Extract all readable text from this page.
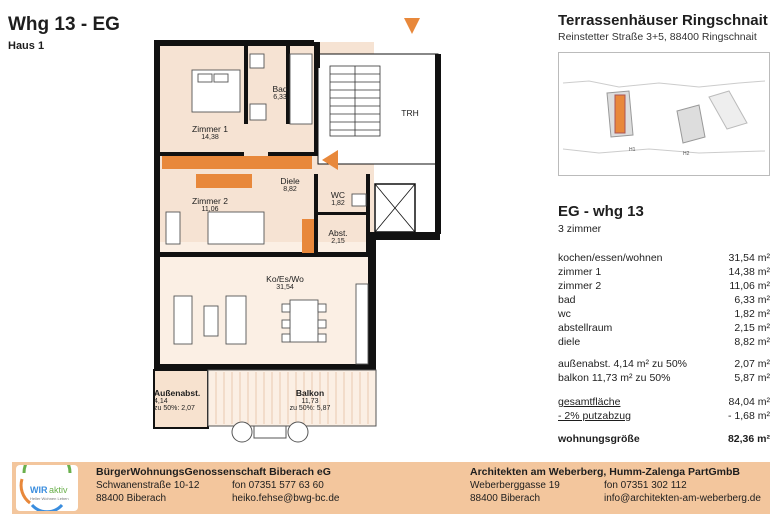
Whg 13 - EG
Haus 1
Zimmer 1
14,38
Bad
6,33
TRH
Diele
8,82
WC
1,82
Zimmer 2
11,06
Abst.
2,15
Ko/Es/Wo
31,54
Außenabst.
4,14
zu 50%: 2,07
Balkon
11,73
zu 50%: 5,87
Terrassenhäuser Ringschnait
Reinstetter Straße 3+5, 88400 Ringschnait
H1
H2
EG - whg 13
3 zimmer
kochen/essen/wohnen	31,54 m²
zimmer 1	14,38 m²
zimmer 2	11,06 m²
bad	6,33 m²
wc	1,82 m²
abstellraum	2,15 m²
diele	8,82 m²
außenabst. 4,14 m² zu 50%	2,07 m²
balkon 11,73 m² zu 50%	5,87 m²
gesamtfläche	84,04 m²
- 2% putzabzug	- 1,68 m²
wohnungsgröße	82,36 m²
WIR aktiv
Heller Wohnen Leben
BürgerWohnungsGenossenschaft Biberach eG
Schwanenstraße 10-12
88400 Biberach
fon 07351 577 63 60
heiko.fehse@bwg-bc.de
Architekten am Weberberg, Humm-Zalenga PartGmbB
Weberberggasse 19
88400 Biberach
fon 07351 302 112
info@architekten-am-weberberg.de
